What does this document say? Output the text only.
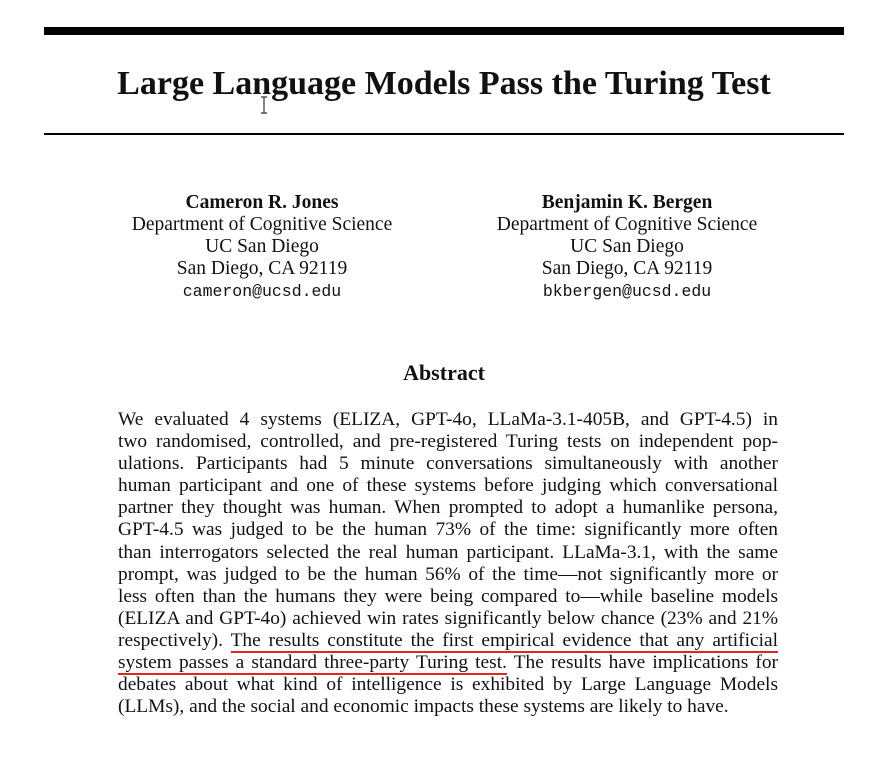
Large Language Models Pass the Turing Test
Cameron R. Jones
Department of Cognitive Science
UC San Diego
San Diego, CA 92119
cameron@ucsd.edu
Benjamin K. Bergen
Department of Cognitive Science
UC San Diego
San Diego, CA 92119
bkbergen@ucsd.edu
Abstract
We evaluated 4 systems (ELIZA, GPT-4o, LLaMa-3.1-405B, and GPT-4.5) in
two randomised, controlled, and pre-registered Turing tests on independent pop-
ulations. Participants had 5 minute conversations simultaneously with another
human participant and one of these systems before judging which conversational
partner they thought was human. When prompted to adopt a humanlike persona,
GPT-4.5 was judged to be the human 73% of the time: significantly more often
than interrogators selected the real human participant. LLaMa-3.1, with the same
prompt, was judged to be the human 56% of the time—not significantly more or
less often than the humans they were being compared to—while baseline models
(ELIZA and GPT-4o) achieved win rates significantly below chance (23% and 21%
respectively). The results constitute the first empirical evidence that any artificial
system passes a standard three-party Turing test. The results have implications for
debates about what kind of intelligence is exhibited by Large Language Models
(LLMs), and the social and economic impacts these systems are likely to have.
